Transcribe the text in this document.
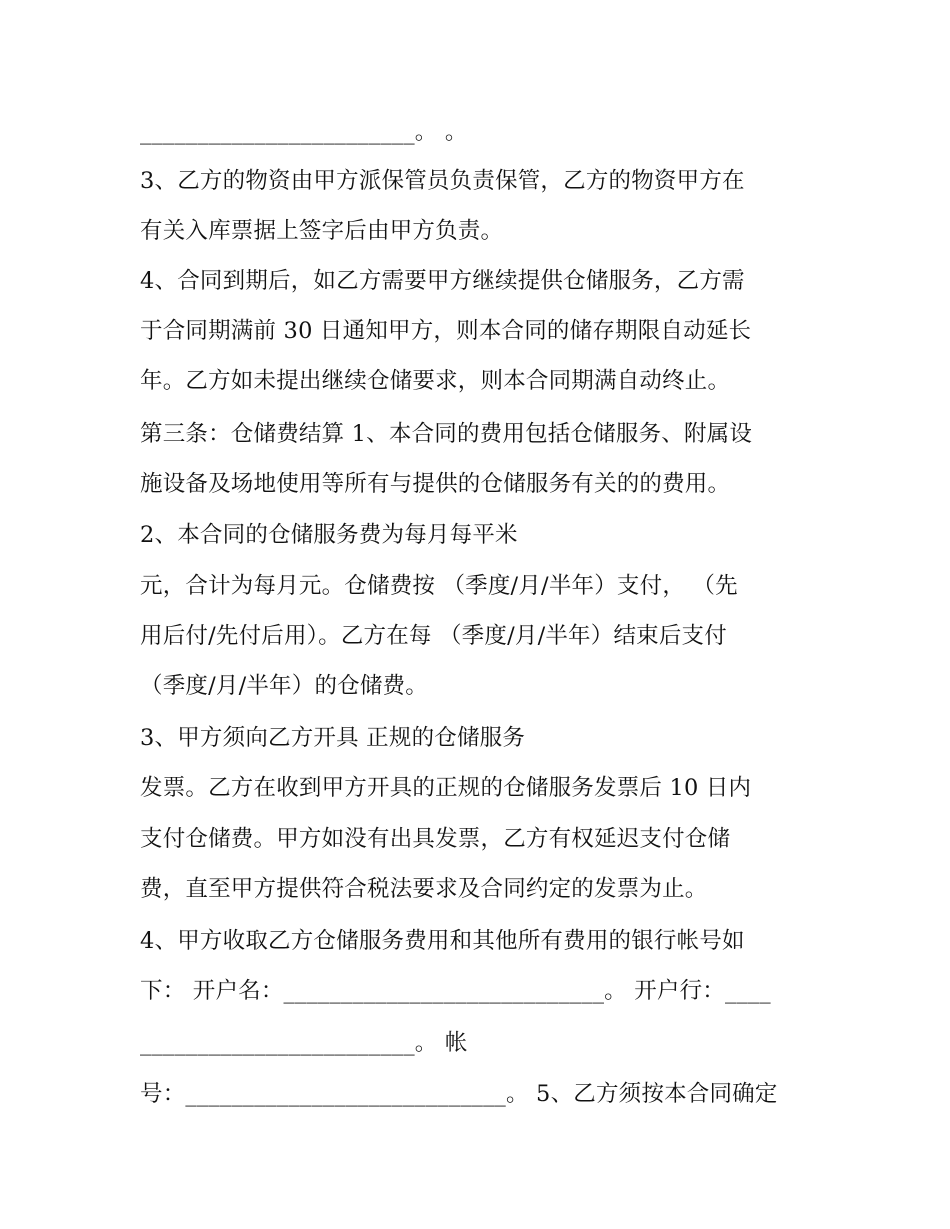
________________________。 。
3、乙方的物资由甲方派保管员负责保管，乙方的物资甲方在
有关入库票据上签字后由甲方负责。
4、合同到期后，如乙方需要甲方继续提供仓储服务，乙方需
于合同期满前 30 日通知甲方，则本合同的储存期限自动延长
年。乙方如未提出继续仓储要求，则本合同期满自动终止。
第三条：仓储费结算 1、本合同的费用包括仓储服务、附属设
施设备及场地使用等所有与提供的仓储服务有关的的费用。
2、本合同的仓储服务费为每月每平米
元，合计为每月元。仓储费按 （季度/月/半年）支付， （先
用后付/先付后用）。乙方在每 （季度/月/半年）结束后支付
（季度/月/半年）的仓储费。
3、甲方须向乙方开具 正规的仓储服务
发票。乙方在收到甲方开具的正规的仓储服务发票后 10 日内
支付仓储费。甲方如没有出具发票，乙方有权延迟支付仓储
费，直至甲方提供符合税法要求及合同约定的发票为止。
4、甲方收取乙方仓储服务费用和其他所有费用的银行帐号如
下： 开户名：____________________________。 开户行：____
________________________。 帐
号：____________________________。 5、乙方须按本合同确定
